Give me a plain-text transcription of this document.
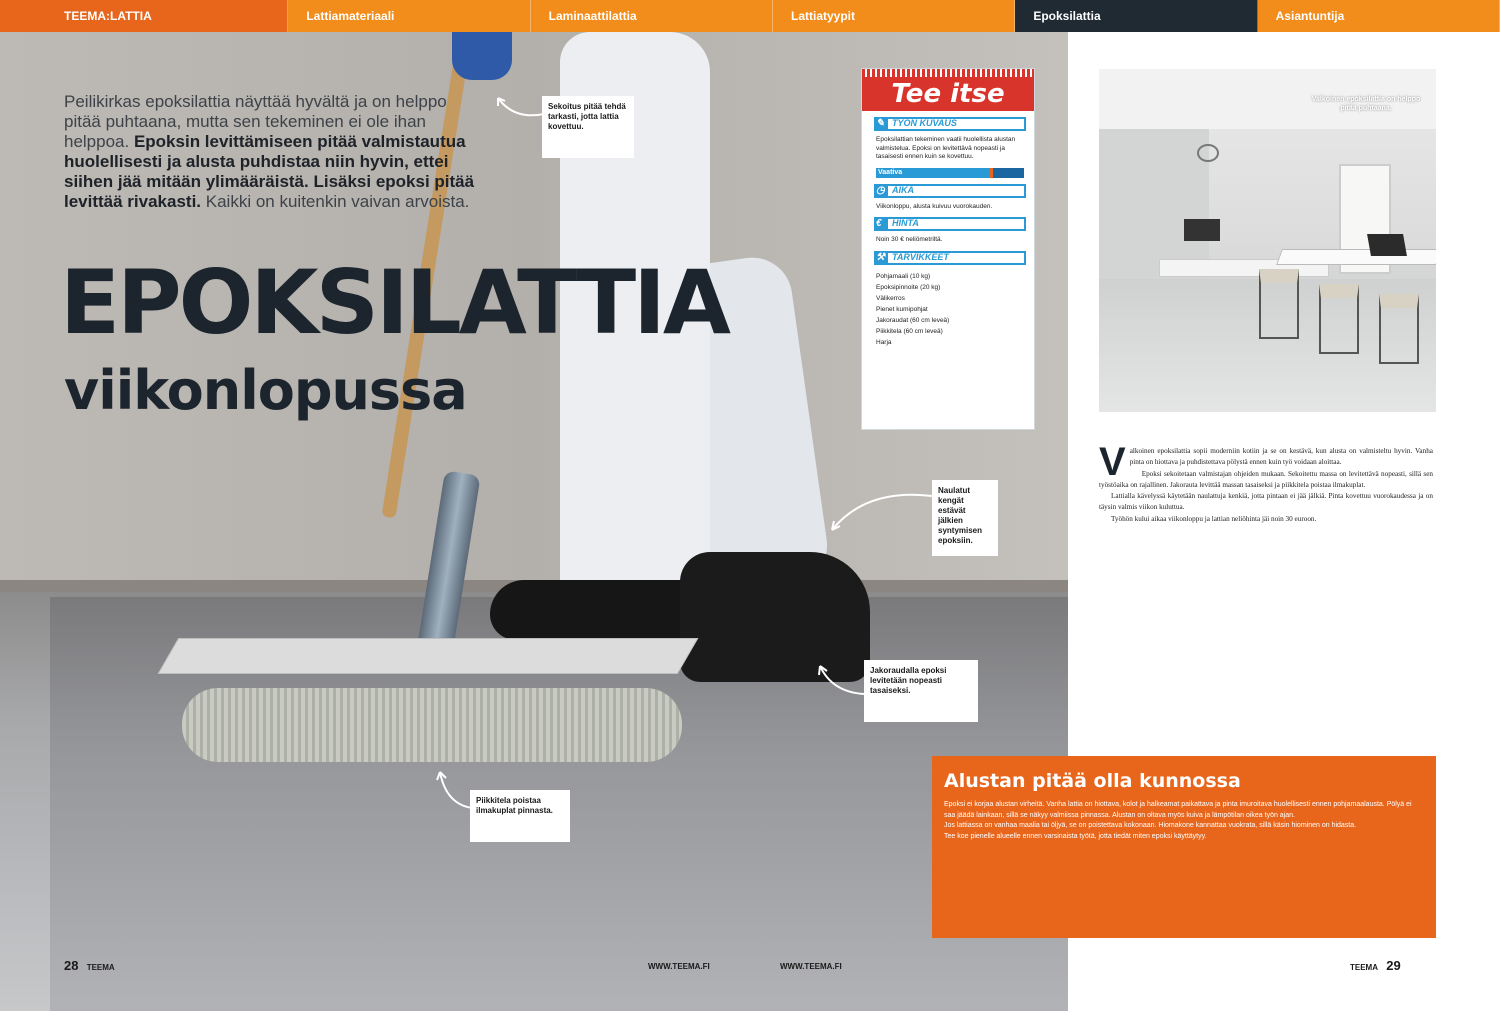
TEEMA:LATTIA	Lattiamateriaali	Laminaattilattia	Lattiatyypit	Epoksilattia	Asiantuntija
Peilikirkas epoksilattia näyttää hyvältä ja on helppo pitää puhtaana, mutta sen tekeminen ei ole ihan helppoa. Epoksin levittämiseen pitää valmistautua huolellisesti ja alusta puhdistaa niin hyvin, ettei siihen jää mitään ylimääräistä. Lisäksi epoksi pitää levittää rivakasti. Kaikki on kuitenkin vaivan arvoista.
EPOKSILATTIA
viikonlopussa
Sekoitus pitää tehdä tarkasti, jotta lattia kovettuu.
Naulatut kengät estävät jälkien syntymisen epoksiin.
Jakoraudalla epoksi levitetään nopeasti tasaiseksi.
Piikkitela poistaa ilmakuplat pinnasta.
Tee itse
✎ TYÖN KUVAUS
Epoksilattian tekeminen vaatii huolellista alustan valmistelua. Epoksi on levitettävä nopeasti ja tasaisesti ennen kuin se kovettuu.
Vaativa
◷ AIKA
Viikonloppu, alusta kuivuu vuorokauden.
€ HINTA
Noin 30 € neliömetriltä.
⚒ TARVIKKEET
Pohjamaali (10 kg)
Epoksipinnoite (20 kg)
Välikerros
Pienet kumipohjat
Jakoraudat (60 cm leveä)
Piikkitela (60 cm leveä)
Harja
Valkoinen epoksilattia on helppo pitää puhtaana.

Valkoinen epoksilattia sopii moderniin kotiin ja se on kestävä, kun alusta on valmisteltu hyvin. Vanha pinta on hiottava ja puhdistettava pölystä ennen kuin työ voidaan aloittaa.

Epoksi sekoitetaan valmistajan ohjeiden mukaan. Sekoitettu massa on levitettävä nopeasti, sillä sen työstöaika on rajallinen. Jakorauta levittää massan tasaiseksi ja piikkitela poistaa ilmakuplat.

Lattialla kävelyssä käytetään naulattuja kenkiä, jotta pintaan ei jää jälkiä. Pinta kovettuu vuorokaudessa ja on täysin valmis viikon kuluttua.

Työhön kului aikaa viikonloppu ja lattian neliöhinta jäi noin 30 euroon.

Alustan pitää olla kunnossa

Epoksi ei korjaa alustan virheitä. Vanha lattia on hiottava, kolot ja halkeamat paikattava ja pinta imuroitava huolellisesti ennen pohjamaalausta. Pölyä ei saa jäädä lainkaan, sillä se näkyy valmiissa pinnassa. Alustan on oltava myös kuiva ja lämpötilan oikea työn ajan.

Jos lattiassa on vanhaa maalia tai öljyä, se on poistettava kokonaan. Hiomakone kannattaa vuokrata, sillä käsin hiominen on hidasta.

Tee koe pienelle alueelle ennen varsinaista työtä, jotta tiedät miten epoksi käyttäytyy.

28 TEEMA	WWW.TEEMA.FI	WWW.TEEMA.FI	TEEMA 29
